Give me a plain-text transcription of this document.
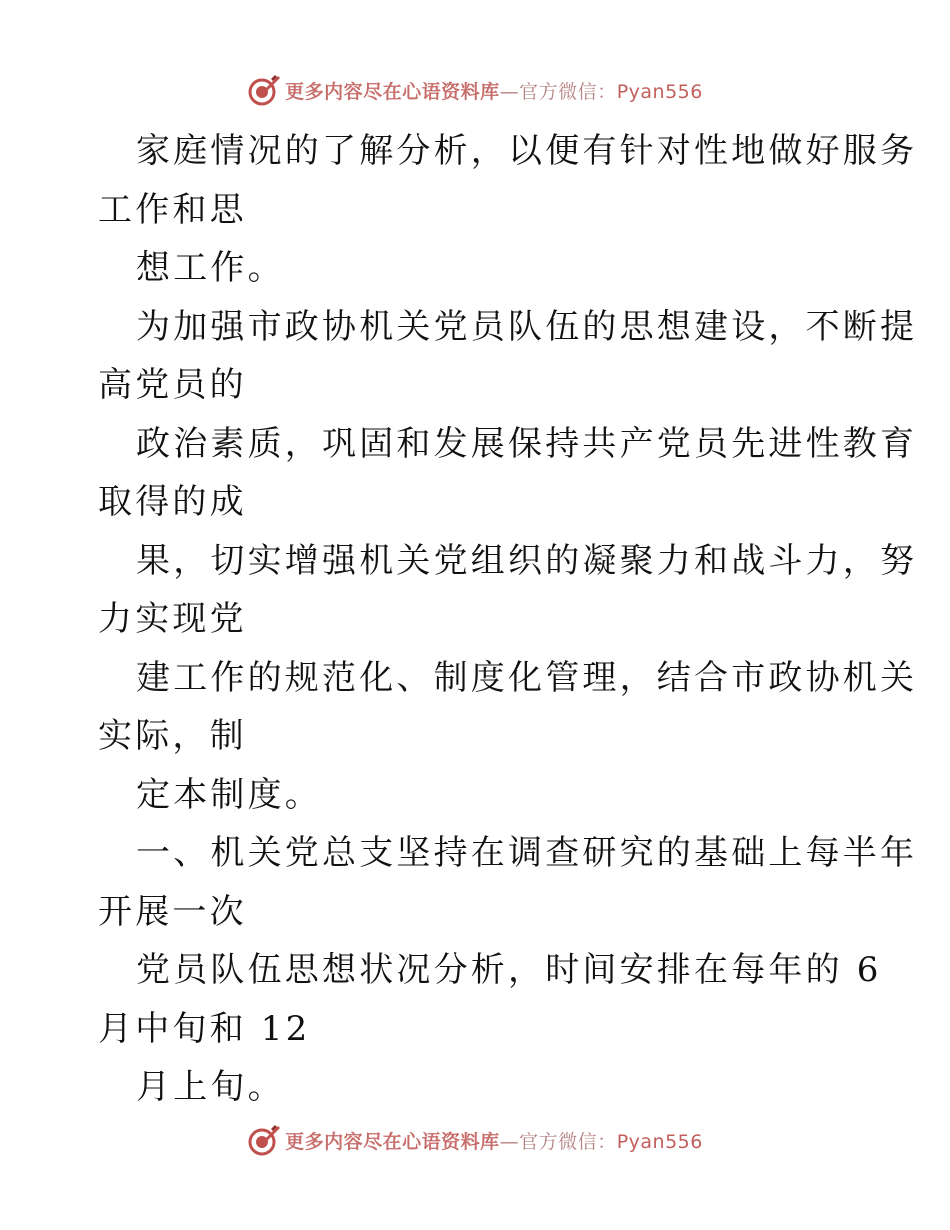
更多内容尽在心语资料库—官方微信：Pyan556
家庭情况的了解分析，以便有针对性地做好服务
工作和思
想工作。
为加强市政协机关党员队伍的思想建设，不断提
高党员的
政治素质，巩固和发展保持共产党员先进性教育
取得的成
果，切实增强机关党组织的凝聚力和战斗力，努
力实现党
建工作的规范化、制度化管理，结合市政协机关
实际，制
定本制度。
一、机关党总支坚持在调查研究的基础上每半年
开展一次
党员队伍思想状况分析，时间安排在每年的 6
月中旬和 12
月上旬。
更多内容尽在心语资料库—官方微信：Pyan556
